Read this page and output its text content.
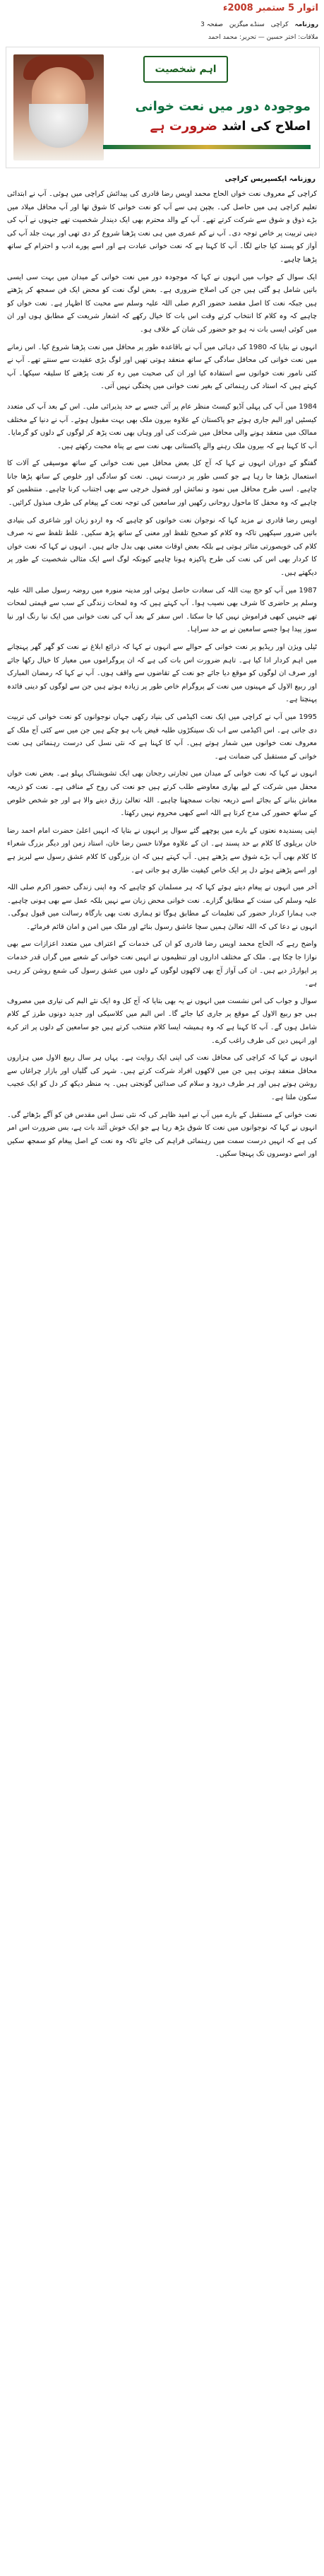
اتوار 5 ستمبر 2008ء
روزنامہ کراچی سنڈے میگزین صفحہ 3
ملاقات: اختر حسین — تحریر: محمد احمد
اہم شخصیت
موجودہ دور میں نعت خوانی اصلاح کی اشد ضرورت ہے
روزنامہ ایکسپریس کراچی

کراچی کے معروف نعت خواں الحاج محمد اویس رضا قادری کی پیدائش کراچی میں ہوئی۔ آپ نے ابتدائی تعلیم کراچی ہی میں حاصل کی۔ بچپن ہی سے آپ کو نعت خوانی کا شوق تھا اور آپ محافل میلاد میں بڑے ذوق و شوق سے شرکت کرتے تھے۔ آپ کے والد محترم بھی ایک دیندار شخصیت تھے جنہوں نے آپ کی دینی تربیت پر خاص توجہ دی۔ آپ نے کم عمری میں ہی نعت پڑھنا شروع کر دی تھی اور بہت جلد آپ کی آواز کو پسند کیا جانے لگا۔ آپ کا کہنا ہے کہ نعت خوانی عبادت ہے اور اسے پورے ادب و احترام کے ساتھ پڑھنا چاہیے۔

ایک سوال کے جواب میں انہوں نے کہا کہ موجودہ دور میں نعت خوانی کے میدان میں بہت سی ایسی باتیں شامل ہو گئی ہیں جن کی اصلاح ضروری ہے۔ بعض لوگ نعت کو محض ایک فن سمجھ کر پڑھتے ہیں جبکہ نعت کا اصل مقصد حضور اکرم صلی اللہ علیہ وسلم سے محبت کا اظہار ہے۔ نعت خواں کو چاہیے کہ وہ کلام کا انتخاب کرتے وقت اس بات کا خیال رکھے کہ اشعار شریعت کے مطابق ہوں اور ان میں کوئی ایسی بات نہ ہو جو حضور کی شان کے خلاف ہو۔

انہوں نے بتایا کہ 1980 کی دہائی میں آپ نے باقاعدہ طور پر محافل میں نعت پڑھنا شروع کیا۔ اس زمانے میں نعت خوانی کی محافل سادگی کے ساتھ منعقد ہوتی تھیں اور لوگ بڑی عقیدت سے سنتے تھے۔ آپ نے کئی نامور نعت خوانوں سے استفادہ کیا اور ان کی صحبت میں رہ کر نعت پڑھنے کا سلیقہ سیکھا۔ آپ کہتے ہیں کہ استاد کی رہنمائی کے بغیر نعت خوانی میں پختگی نہیں آتی۔

1984 میں آپ کی پہلی آڈیو کیسٹ منظر عام پر آئی جسے بے حد پذیرائی ملی۔ اس کے بعد آپ کی متعدد کیسٹیں اور البم جاری ہوئے جو پاکستان کے علاوہ بیرون ملک بھی بہت مقبول ہوئے۔ آپ نے دنیا کے مختلف ممالک میں منعقد ہونے والی محافل میں شرکت کی اور وہاں بھی نعت پڑھ کر لوگوں کے دلوں کو گرمایا۔ آپ کا کہنا ہے کہ بیرون ملک رہنے والے پاکستانی بھی نعت سے بے پناہ محبت رکھتے ہیں۔

گفتگو کے دوران انہوں نے کہا کہ آج کل بعض محافل میں نعت خوانی کے ساتھ موسیقی کے آلات کا استعمال بڑھتا جا رہا ہے جو کسی طور پر درست نہیں۔ نعت کو سادگی اور خلوص کے ساتھ پڑھا جانا چاہیے۔ اسی طرح محافل میں نمود و نمائش اور فضول خرچی سے بھی اجتناب کرنا چاہیے۔ منتظمین کو چاہیے کہ وہ محفل کا ماحول روحانی رکھیں اور سامعین کی توجہ نعت کے پیغام کی طرف مبذول کرائیں۔

اویس رضا قادری نے مزید کہا کہ نوجوان نعت خوانوں کو چاہیے کہ وہ اردو زبان اور شاعری کی بنیادی باتیں ضرور سیکھیں تاکہ وہ کلام کو صحیح تلفظ اور معنی کے ساتھ پڑھ سکیں۔ غلط تلفظ سے نہ صرف کلام کی خوبصورتی متاثر ہوتی ہے بلکہ بعض اوقات معنی بھی بدل جاتے ہیں۔ انہوں نے کہا کہ نعت خواں کا کردار بھی اس کی نعت کی طرح پاکیزہ ہونا چاہیے کیونکہ لوگ اسے ایک مثالی شخصیت کے طور پر دیکھتے ہیں۔

1987 میں آپ کو حج بیت اللہ کی سعادت حاصل ہوئی اور مدینہ منورہ میں روضہ رسول صلی اللہ علیہ وسلم پر حاضری کا شرف بھی نصیب ہوا۔ آپ کہتے ہیں کہ وہ لمحات زندگی کے سب سے قیمتی لمحات تھے جنہیں کبھی فراموش نہیں کیا جا سکتا۔ اس سفر کے بعد آپ کی نعت خوانی میں ایک نیا رنگ اور نیا سوز پیدا ہوا جسے سامعین نے بے حد سراہا۔

ٹیلی ویژن اور ریڈیو پر نعت خوانی کے حوالے سے انہوں نے کہا کہ ذرائع ابلاغ نے نعت کو گھر گھر پہنچانے میں اہم کردار ادا کیا ہے۔ تاہم ضرورت اس بات کی ہے کہ ان پروگراموں میں معیار کا خیال رکھا جائے اور صرف ان لوگوں کو موقع دیا جائے جو نعت کے تقاضوں سے واقف ہوں۔ آپ نے کہا کہ رمضان المبارک اور ربیع الاول کے مہینوں میں نعت کے پروگرام خاص طور پر زیادہ ہوتے ہیں جن سے لوگوں کو دینی فائدہ پہنچتا ہے۔

1995 میں آپ نے کراچی میں ایک نعت اکیڈمی کی بنیاد رکھی جہاں نوجوانوں کو نعت خوانی کی تربیت دی جاتی ہے۔ اس اکیڈمی سے اب تک سینکڑوں طلبہ فیض یاب ہو چکے ہیں جن میں سے کئی آج ملک کے معروف نعت خوانوں میں شمار ہوتے ہیں۔ آپ کا کہنا ہے کہ نئی نسل کی درست رہنمائی ہی نعت خوانی کے مستقبل کی ضمانت ہے۔

انہوں نے کہا کہ نعت خوانی کے میدان میں تجارتی رجحان بھی ایک تشویشناک پہلو ہے۔ بعض نعت خواں محفل میں شرکت کے لیے بھاری معاوضے طلب کرتے ہیں جو نعت کی روح کے منافی ہے۔ نعت کو ذریعہ معاش بنانے کے بجائے اسے ذریعہ نجات سمجھنا چاہیے۔ اللہ تعالیٰ رزق دینے والا ہے اور جو شخص خلوص کے ساتھ حضور کی مدح کرتا ہے اللہ اسے کبھی محروم نہیں رکھتا۔

اپنی پسندیدہ نعتوں کے بارے میں پوچھے گئے سوال پر انہوں نے بتایا کہ انہیں اعلیٰ حضرت امام احمد رضا خان بریلوی کا کلام بے حد پسند ہے۔ ان کے علاوہ مولانا حسن رضا خان، استاد زمن اور دیگر بزرگ شعراء کا کلام بھی آپ بڑے شوق سے پڑھتے ہیں۔ آپ کہتے ہیں کہ ان بزرگوں کا کلام عشق رسول سے لبریز ہے اور اسے پڑھتے ہوئے دل پر ایک خاص کیفیت طاری ہو جاتی ہے۔

آخر میں انہوں نے پیغام دیتے ہوئے کہا کہ ہر مسلمان کو چاہیے کہ وہ اپنی زندگی حضور اکرم صلی اللہ علیہ وسلم کی سنت کے مطابق گزارے۔ نعت خوانی محض زبان سے نہیں بلکہ عمل سے بھی ہونی چاہیے۔ جب ہمارا کردار حضور کی تعلیمات کے مطابق ہوگا تو ہماری نعت بھی بارگاہ رسالت میں قبول ہوگی۔ انہوں نے دعا کی کہ اللہ تعالیٰ ہمیں سچا عاشق رسول بنائے اور ملک میں امن و امان قائم فرمائے۔

واضح رہے کہ الحاج محمد اویس رضا قادری کو ان کی خدمات کے اعتراف میں متعدد اعزازات سے بھی نوازا جا چکا ہے۔ ملک کے مختلف اداروں اور تنظیموں نے انہیں نعت خوانی کے شعبے میں گراں قدر خدمات پر ایوارڈز دیے ہیں۔ ان کی آواز آج بھی لاکھوں لوگوں کے دلوں میں عشق رسول کی شمع روشن کر رہی ہے۔

سوال و جواب کی اس نشست میں انہوں نے یہ بھی بتایا کہ آج کل وہ ایک نئے البم کی تیاری میں مصروف ہیں جو ربیع الاول کے موقع پر جاری کیا جائے گا۔ اس البم میں کلاسیکی اور جدید دونوں طرز کے کلام شامل ہوں گے۔ آپ کا کہنا ہے کہ وہ ہمیشہ ایسا کلام منتخب کرتے ہیں جو سامعین کے دلوں پر اثر کرے اور انہیں دین کی طرف راغب کرے۔

انہوں نے کہا کہ کراچی کی محافل نعت کی اپنی ایک روایت ہے۔ یہاں ہر سال ربیع الاول میں ہزاروں محافل منعقد ہوتی ہیں جن میں لاکھوں افراد شرکت کرتے ہیں۔ شہر کی گلیاں اور بازار چراغاں سے روشن ہوتے ہیں اور ہر طرف درود و سلام کی صدائیں گونجتی ہیں۔ یہ منظر دیکھ کر دل کو ایک عجیب سکون ملتا ہے۔

نعت خوانی کے مستقبل کے بارے میں آپ نے امید ظاہر کی کہ نئی نسل اس مقدس فن کو آگے بڑھائے گی۔ انہوں نے کہا کہ نوجوانوں میں نعت کا شوق بڑھ رہا ہے جو ایک خوش آئند بات ہے، بس ضرورت اس امر کی ہے کہ انہیں درست سمت میں رہنمائی فراہم کی جائے تاکہ وہ نعت کے اصل پیغام کو سمجھ سکیں اور اسے دوسروں تک پہنچا سکیں۔
